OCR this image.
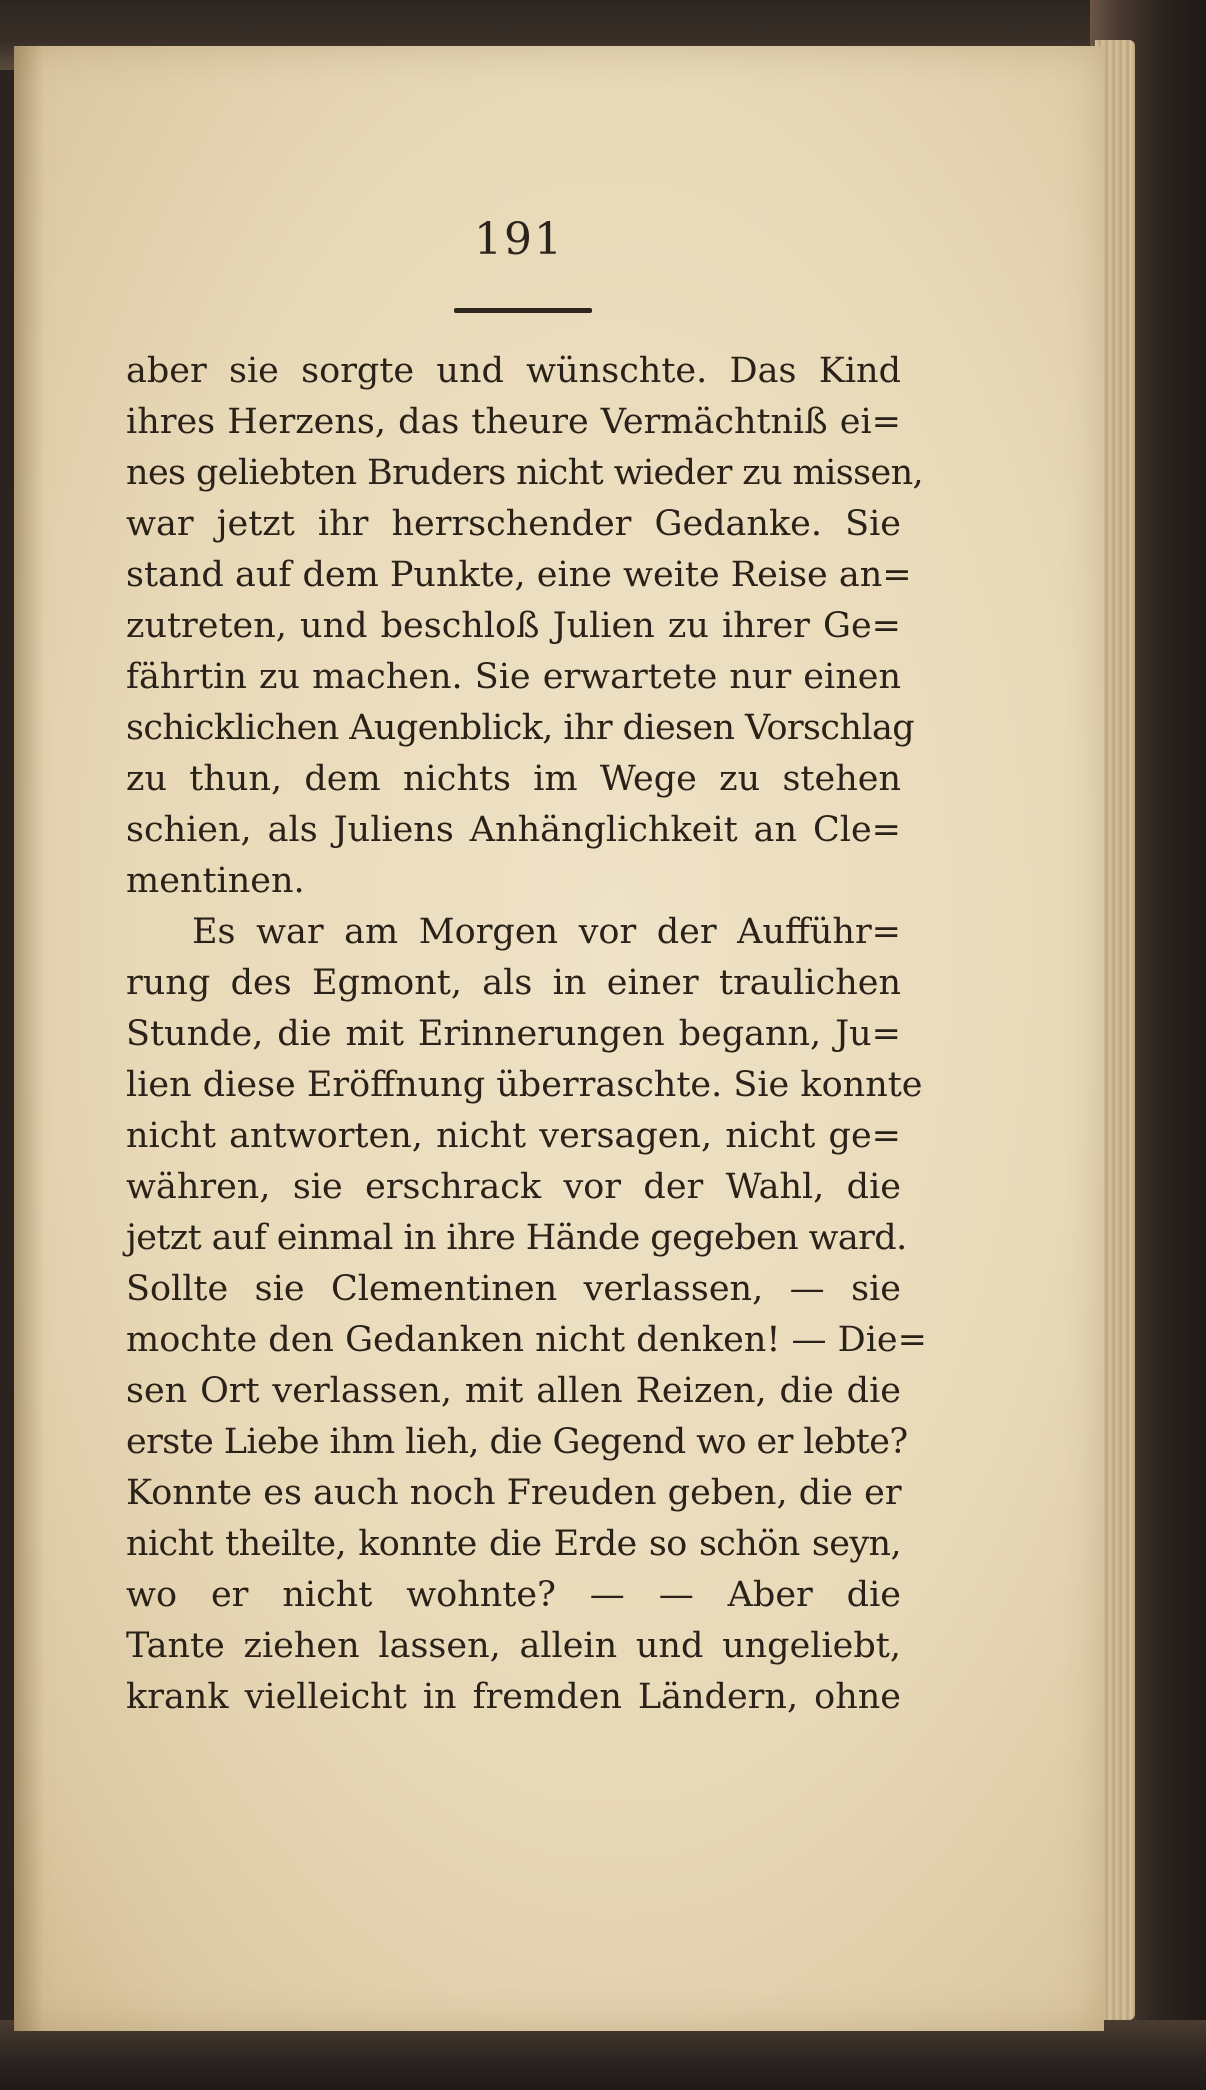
191
aber sie sorgte und wünschte. Das Kind
ihres Herzens, das theure Vermächtniß ei=
nes geliebten Bruders nicht wieder zu missen,
war jetzt ihr herrschender Gedanke. Sie
stand auf dem Punkte, eine weite Reise an=
zutreten, und beschloß Julien zu ihrer Ge=
fährtin zu machen. Sie erwartete nur einen
schicklichen Augenblick, ihr diesen Vorschlag
zu thun, dem nichts im Wege zu stehen
schien, als Juliens Anhänglichkeit an Cle=
mentinen.
Es war am Morgen vor der Aufführ=
rung des Egmont, als in einer traulichen
Stunde, die mit Erinnerungen begann, Ju=
lien diese Eröffnung überraschte. Sie konnte
nicht antworten, nicht versagen, nicht ge=
währen, sie erschrack vor der Wahl, die
jetzt auf einmal in ihre Hände gegeben ward.
Sollte sie Clementinen verlassen, — sie
mochte den Gedanken nicht denken! — Die=
sen Ort verlassen, mit allen Reizen, die die
erste Liebe ihm lieh, die Gegend wo er lebte?
Konnte es auch noch Freuden geben, die er
nicht theilte, konnte die Erde so schön seyn,
wo er nicht wohnte? — — Aber die
Tante ziehen lassen, allein und ungeliebt,
krank vielleicht in fremden Ländern, ohne
